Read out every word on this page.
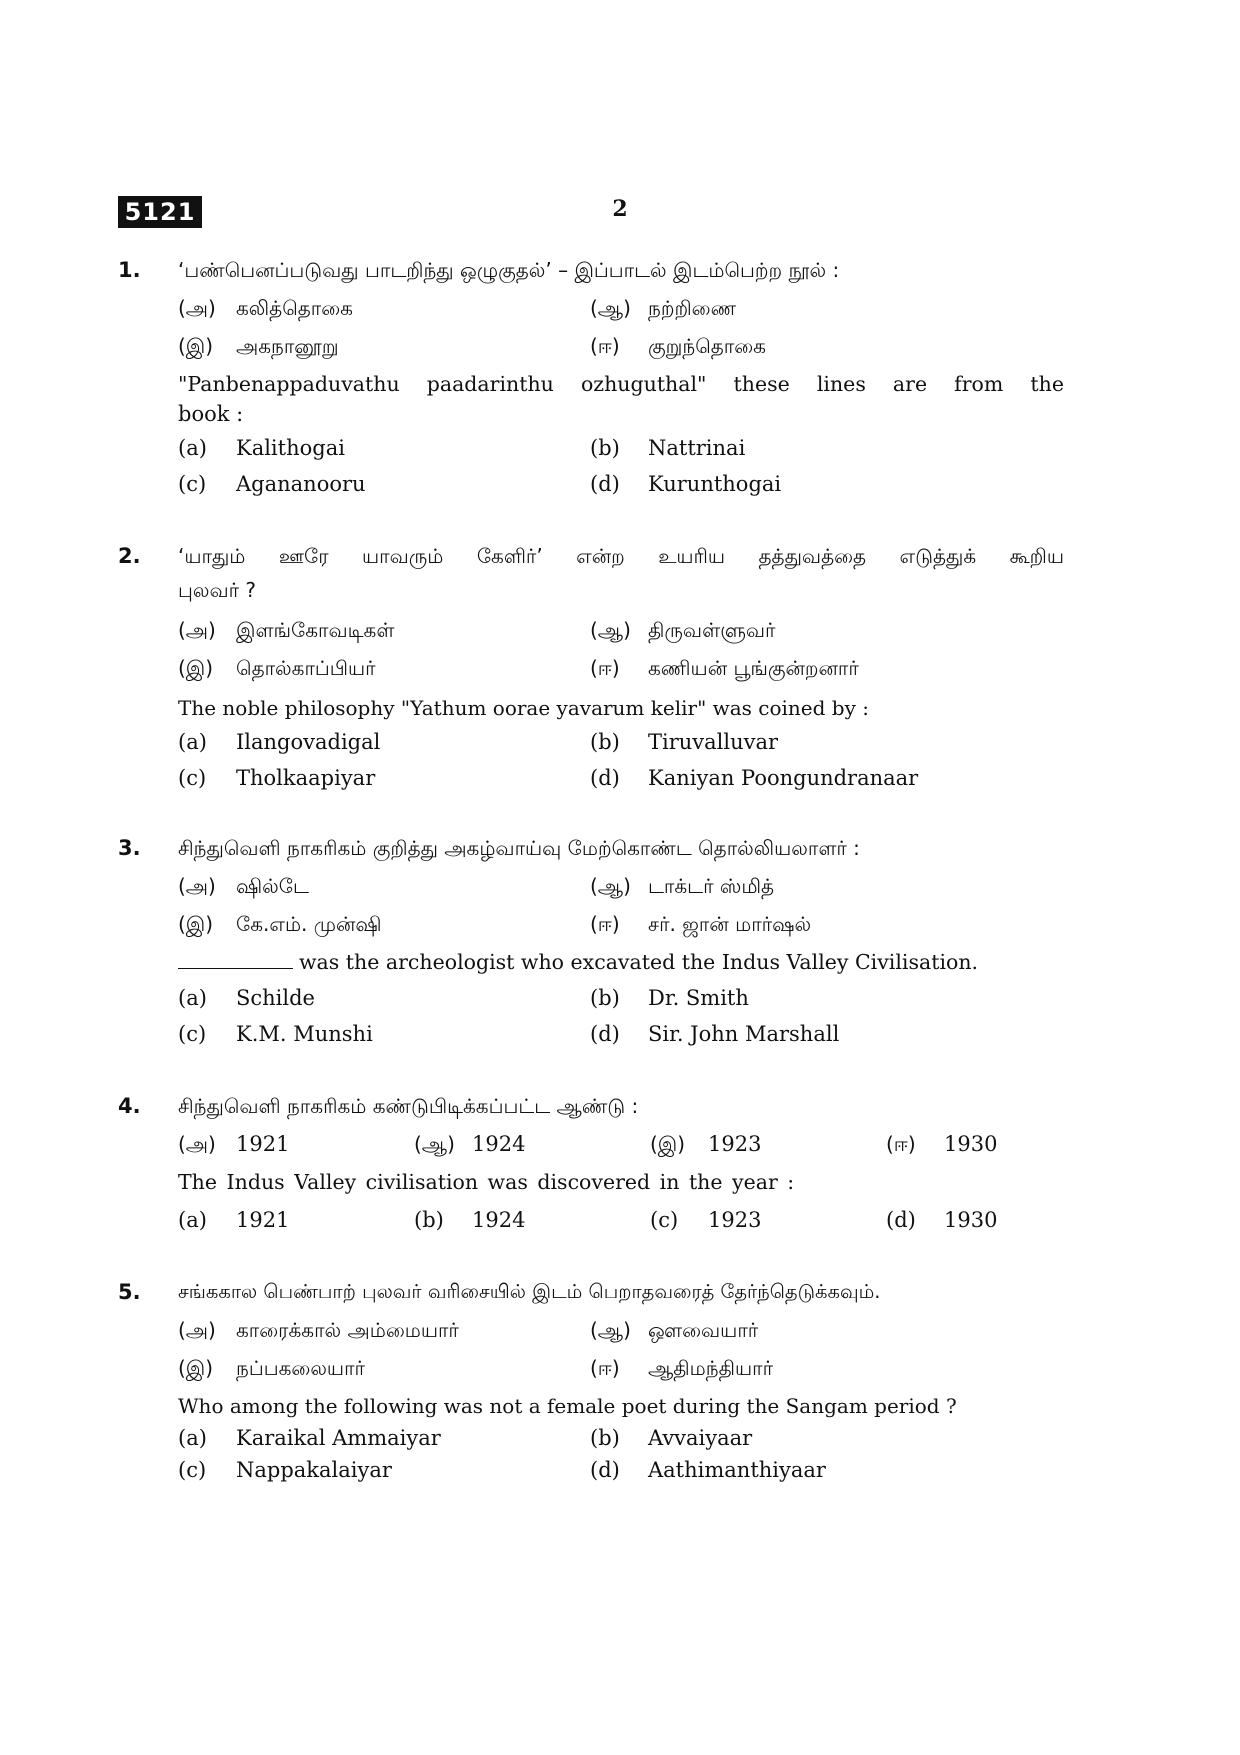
5121	2
1. ‘பண்பெனப்படுவது பாடறிந்து ஒழுகுதல்’ – இப்பாடல் இடம்பெற்ற நூல் :
(அ) கலித்தொகை	(ஆ) நற்றிணை
(இ) அகநானூறு	(ஈ) குறுந்தொகை
"Panbenappaduvathu paadarinthu ozhuguthal" these lines are from the
book :
(a) Kalithogai	(b) Nattrinai
(c) Agananooru	(d) Kurunthogai
2. ‘யாதும் ஊரே யாவரும் கேளிர்’ என்ற உயரிய தத்துவத்தை எடுத்துக் கூறிய
புலவர் ?
(அ) இளங்கோவடிகள்	(ஆ) திருவள்ளுவர்
(இ) தொல்காப்பியர்	(ஈ) கணியன் பூங்குன்றனார்
The noble philosophy "Yathum oorae yavarum kelir" was coined by :
(a) Ilangovadigal	(b) Tiruvalluvar
(c) Tholkaapiyar	(d) Kaniyan Poongundranaar
3. சிந்துவெளி நாகரிகம் குறித்து அகழ்வாய்வு மேற்கொண்ட தொல்லியலாளர் :
(அ) ஷில்டே	(ஆ) டாக்டர் ஸ்மித்
(இ) கே.எம். முன்ஷி	(ஈ) சர். ஜான் மார்ஷல்
was the archeologist who excavated the Indus Valley Civilisation.
(a) Schilde	(b) Dr. Smith
(c) K.M. Munshi	(d) Sir. John Marshall
4. சிந்துவெளி நாகரிகம் கண்டுபிடிக்கப்பட்ட ஆண்டு :
(அ) 1921	(ஆ) 1924	(இ) 1923	(ஈ) 1930
The Indus Valley civilisation was discovered in the year :
(a) 1921	(b) 1924	(c) 1923	(d) 1930
5. சங்ககால பெண்பாற் புலவர் வரிசையில் இடம் பெறாதவரைத் தேர்ந்தெடுக்கவும்.
(அ) காரைக்கால் அம்மையார்	(ஆ) ஔவையார்
(இ) நப்பகலையார்	(ஈ) ஆதிமந்தியார்
Who among the following was not a female poet during the Sangam period ?
(a) Karaikal Ammaiyar	(b) Avvaiyaar
(c) Nappakalaiyar	(d) Aathimanthiyaar
